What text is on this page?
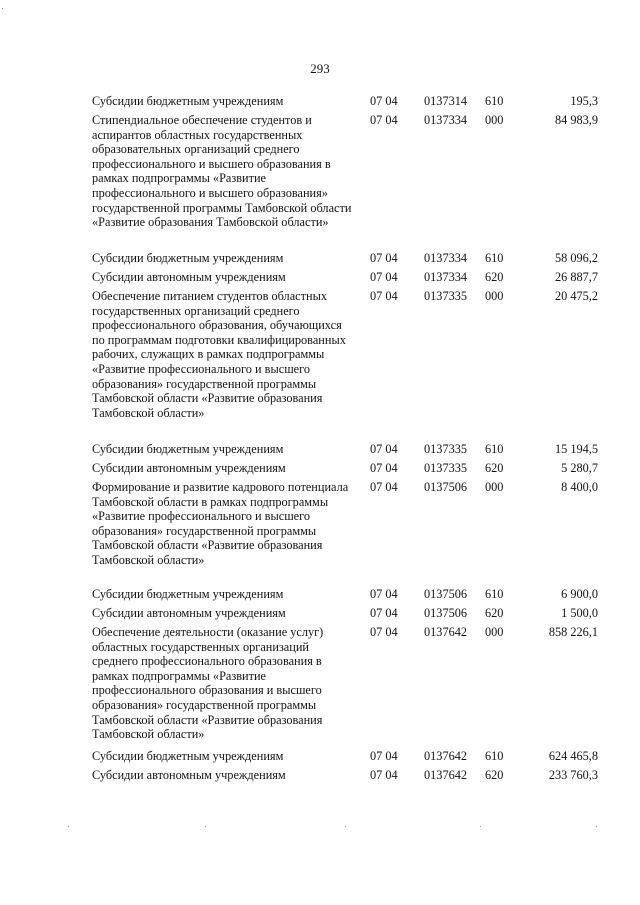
293
Субсидии бюджетным учреждениям	07 04	0137314	610	195,3
Стипендиальное обеспечение студентов и аспирантов областных государственных образовательных организаций среднего профессионального и высшего образования в рамках подпрограммы «Развитие профессионального и высшего образования» государственной программы Тамбовской области «Развитие образования Тамбовской области»
07 04	0137334	000	84 983,9
Субсидии бюджетным учреждениям	07 04	0137334	610	58 096,2
Субсидии автономным учреждениям	07 04	0137334	620	26 887,7
Обеспечение питанием студентов областных государственных организаций среднего профессионального образования, обучающихся по программам подготовки квалифицированных рабочих, служащих в рамках подпрограммы «Развитие профессионального и высшего образования» государственной программы Тамбовской области «Развитие образования Тамбовской области»
07 04	0137335	000	20 475,2
Субсидии бюджетным учреждениям	07 04	0137335	610	15 194,5
Субсидии автономным учреждениям	07 04	0137335	620	5 280,7
Формирование и развитие кадрового потенциала Тамбовской области в рамках подпрограммы «Развитие профессионального и высшего образования» государственной программы Тамбовской области «Развитие образования Тамбовской области»
07 04	0137506	000	8 400,0
Субсидии бюджетным учреждениям	07 04	0137506	610	6 900,0
Субсидии автономным учреждениям	07 04	0137506	620	1 500,0
Обеспечение деятельности (оказание услуг) областных государственных организаций среднего профессионального образования в рамках подпрограммы «Развитие профессионального образования и высшего образования» государственной программы Тамбовской области «Развитие образования Тамбовской области»
07 04	0137642	000	858 226,1
Субсидии бюджетным учреждениям	07 04	0137642	610	624 465,8
Субсидии автономным учреждениям	07 04	0137642	620	233 760,3
